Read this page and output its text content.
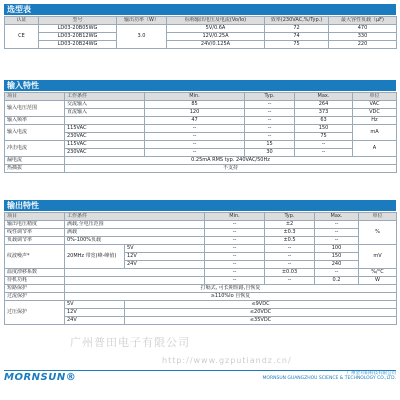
选型表
认证	型号	输出功率（W）	标称输出电压及电流(Vo/Io)	效率(230VAC,%/Typ.)	最大容性负载（µF)
CE	LD03-20B05WG	3.0	5V/0.6A	72	470
	LD03-20B12WG		12V/0.25A	74	330
	LD03-20B24WG		24V/0.125A	75	220
输入特性
项目	工作条件	Min.	Typ.	Max.	单位
输入电压范围	交流输入	85	--	264	VAC
	直流输入	120	--	373	VDC
输入频率		47	--	63	Hz
输入电流	115VAC	--	--	150	mA
	230VAC	--	--	75	
冲击电流	115VAC	--	15	--	A
	230VAC	--	30	--	
漏电流	0.25mA RMS typ. 240VAC/50Hz				
热插拔	不支持				
输出特性
项目	工作条件		Min.	Typ.	Max.	单位
输出电压精度	满载,全电压范围		--	±2	--	%
线性调节率	满载		--	±0.3	--	
负载调节率	0%-100%负载		--	±0.5	--	
纹波噪声*	20MHz 带宽(峰-峰值)	5V	--	--	100	mV
		12V	--	--	150	
		24V	--	--	240	
温度漂移系数			--	±0.03	--	%/°C
待机功耗			--	--	0.2	W
短路保护	打嗝式, 可长期短路,自恢复					
过流保护	≥110%Io 自恢复					
过压保护	5V	≤9VDC				
	12V	≤20VDC				
	24V	≤35VDC				
广州普田电子有限公司
http://www.gzputiandz.cn/
MORNSUN®	广州金升阳科技有限公司
MORNSUN GUANGZHOU SCIENCE & TECHNOLOGY CO.,LTD.
